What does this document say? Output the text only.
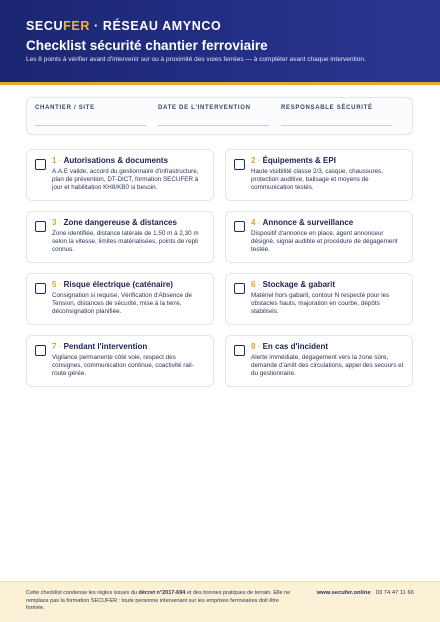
SECUFER · RÉSEAU AMYNCO
Checklist sécurité chantier ferroviaire
Les 8 points à vérifier avant d'intervenir sur ou à proximité des voies ferrées — à compléter avant chaque intervention.
CHANTIER / SITE	DATE DE L'INTERVENTION	RESPONSABLE SÉCURITÉ
1 · Autorisations & documents
A.A.E valide, accord du gestionnaire d'infrastructure, plan de prévention, DT-DICT, formation SECUFER à jour et habilitation KH8/KB0 si besoin.
2 · Équipements & EPI
Haute visibilité classe 2/3, casque, chaussures, protection auditive, balisage et moyens de communication testés.
3 · Zone dangereuse & distances
Zone identifiée, distance latérale de 1,50 m à 2,30 m selon la vitesse, limites matérialisées, points de repli connus.
4 · Annonce & surveillance
Dispositif d'annonce en place, agent annonceur désigné, signal audible et procédure de dégagement testée.
5 · Risque électrique (caténaire)
Consignation si requise, Vérification d'Absence de Tension, distances de sécurité, mise à la terre, déconsignation planifiée.
6 · Stockage & gabarit
Matériel hors gabarit, contour N respecté pour les obstacles hauts, majoration en courbe, dépôts stabilisés.
7 · Pendant l'intervention
Vigilance permanente côté voie, respect des consignes, communication continue, coactivité rail-route gérée.
8 · En cas d'incident
Alerte immédiate, dégagement vers la zone sûre, demande d'arrêt des circulations, appel des secours et du gestionnaire.
Cette checklist condense les règles issues du décret n°2017-694 et des bonnes pratiques de terrain. Elle ne remplace pas la formation SECUFER : toute personne intervenant sur les emprises ferroviaires doit être formée.
www.secufer.online · 03 74 47 11 66
